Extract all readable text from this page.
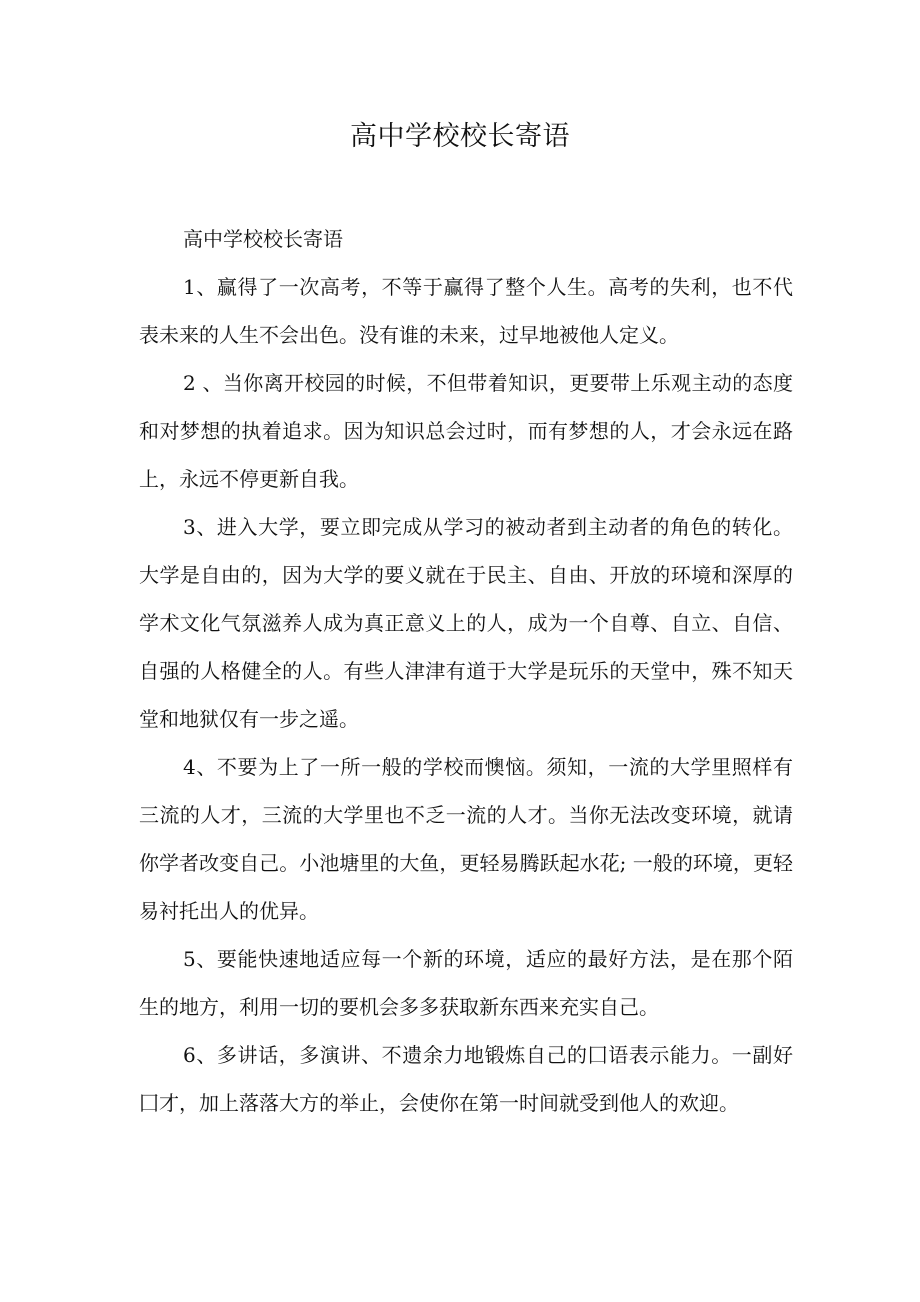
高中学校校长寄语

高中学校校长寄语

1、赢得了一次高考，不等于赢得了整个人生。高考的失利，也不代表未来的人生不会出色。没有谁的未来，过早地被他人定义。

2 、当你离开校园的时候，不但带着知识，更要带上乐观主动的态度和对梦想的执着追求。因为知识总会过时，而有梦想的人，才会永远在路上，永远不停更新自我。

3、进入大学，要立即完成从学习的被动者到主动者的角色的转化。大学是自由的，因为大学的要义就在于民主、自由、开放的环境和深厚的学术文化气氛滋养人成为真正意义上的人，成为一个自尊、自立、自信、自强的人格健全的人。有些人津津有道于大学是玩乐的天堂中，殊不知天堂和地狱仅有一步之遥。

4、不要为上了一所一般的学校而懊恼。须知，一流的大学里照样有三流的人才，三流的大学里也不乏一流的人才。当你无法改变环境，就请你学者改变自己。小池塘里的大鱼，更轻易腾跃起水花; 一般的环境，更轻易衬托出人的优异。

5、要能快速地适应每一个新的环境，适应的最好方法，是在那个陌生的地方，利用一切的要机会多多获取新东西来充实自己。

6、多讲话，多演讲、不遗余力地锻炼自己的囗语表示能力。一副好囗才，加上落落大方的举止，会使你在第一时间就受到他人的欢迎。
